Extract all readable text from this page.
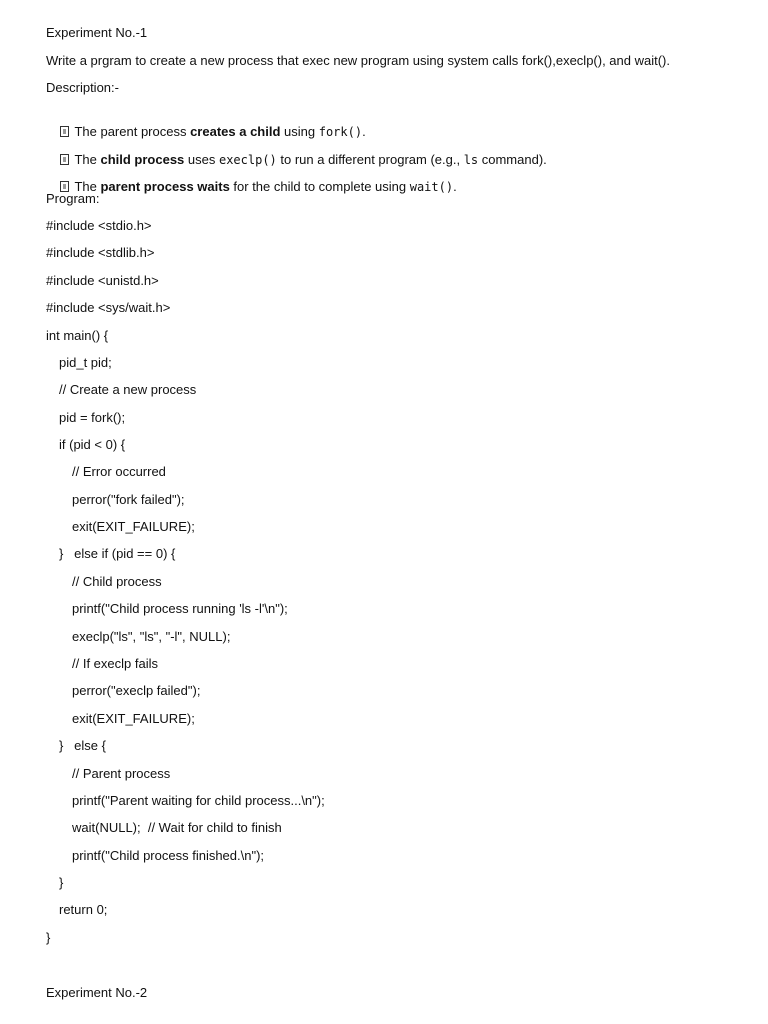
Experiment No.-1
Write a prgram to create a new process that exec new program using system calls fork(),execlp(), and wait().
Description:-

The parent process creates a child using fork().

The child process uses execlp() to run a different program (e.g., ls command).

The parent process waits for the child to complete using wait().

Program:
#include <stdio.h>
#include <stdlib.h>
#include <unistd.h>
#include <sys/wait.h>
int main() {
pid_t pid;
// Create a new process
pid = fork();
if (pid < 0) {
// Error occurred
perror("fork failed");
exit(EXIT_FAILURE);
}   else if (pid == 0) {
// Child process
printf("Child process running 'ls -l'\n");
execlp("ls", "ls", "-l", NULL);
// If execlp fails
perror("execlp failed");
exit(EXIT_FAILURE);
}   else {
// Parent process
printf("Parent waiting for child process...\n");
wait(NULL);  // Wait for child to finish
printf("Child process finished.\n");
}
return 0;
}
Experiment No.-2
